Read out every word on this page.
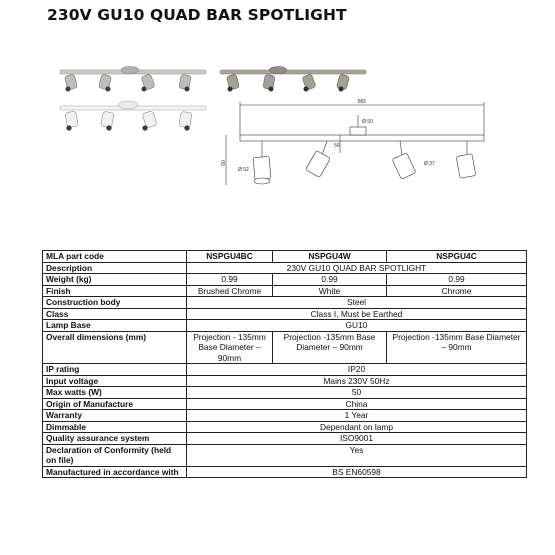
230V GU10 QUAD BAR SPOTLIGHT
865
Ø 50
60
50
Ø 52
Ø 37
MLA part code	NSPGU4BC	NSPGU4W	NSPGU4C
Description	230V GU10 QUAD BAR SPOTLIGHT		
Weight (kg)	0.99	0.99	0.99
Finish	Brushed Chrome	White	Chrome
Construction body	Steel		
Class	Class I, Must be Earthed		
Lamp Base	GU10		
Overall dimensions (mm)	Projection - 135mm Base Diameter – 90mm	Projection -135mm Base Diameter – 90mm	Projection -135mm Base Diameter – 90mm
IP rating	IP20		
Input voltage	Mains 230V 50Hz		
Max watts (W)	50		
Origin of Manufacture	China		
Warranty	1 Year		
Dimmable	Dependant on lamp		
Quality assurance system	ISO9001		
Declaration of Conformity (held on file)	Yes		
Manufactured in accordance with	BS EN60598		
